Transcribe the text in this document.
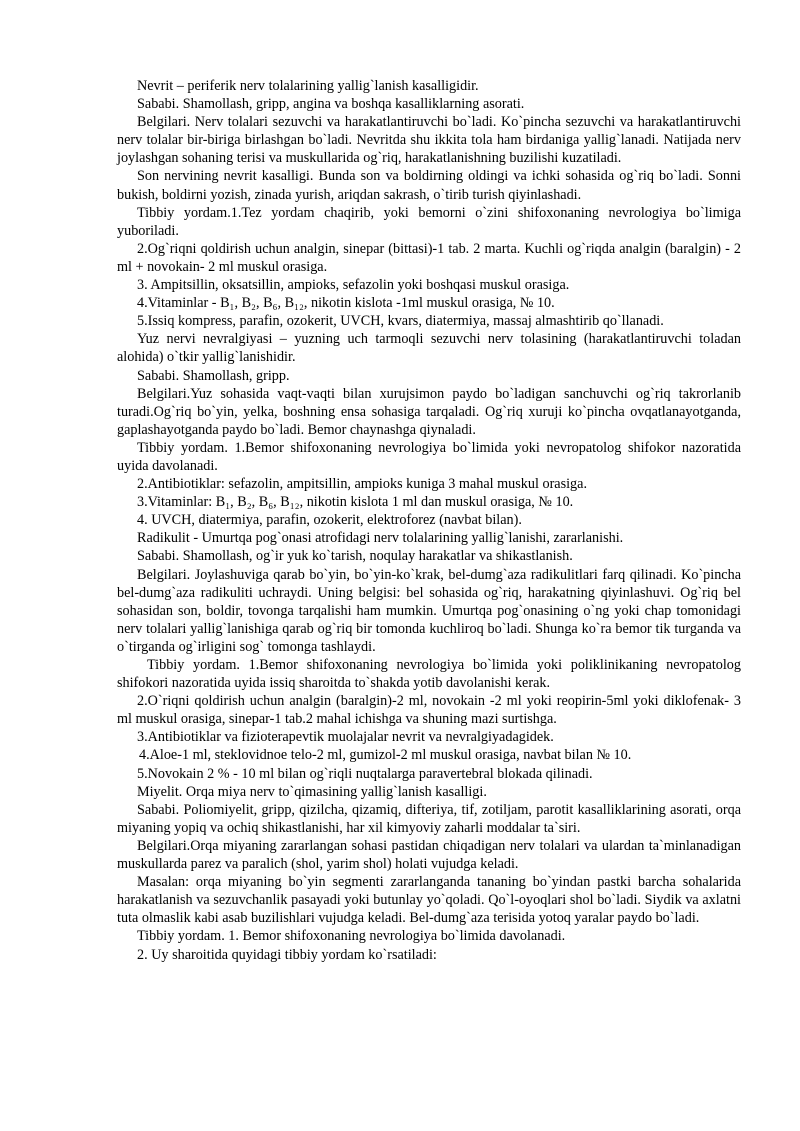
Nevrit – periferik nerv tolalarining yallig`lanish kasalligidir.

Sababi. Shamollash, gripp, angina va boshqa kasalliklarning asorati.

Belgilari. Nerv tolalari sezuvchi va harakatlantiruvchi bo`ladi. Ko`pincha sezuvchi va harakatlantiruvchi nerv tolalar bir-biriga birlashgan bo`ladi. Nevritda shu ikkita tola ham birdaniga yallig`lanadi. Natijada nerv joylashgan sohaning terisi va muskullarida og`riq, harakatlanishning buzilishi kuzatiladi.

Son nervining nevrit kasalligi. Bunda son va boldirning oldingi va ichki sohasida og`riq bo`ladi. Sonni bukish, boldirni yozish, zinada yurish, ariqdan sakrash, o`tirib turish qiyinlashadi.

Tibbiy yordam.1.Tez yordam chaqirib, yoki bemorni o`zini shifoxonaning nevrologiya bo`limiga yuboriladi.

2.Og`riqni qoldirish uchun analgin, sinepar (bittasi)-1 tab. 2 marta. Kuchli og`riqda analgin (baralgin) - 2 ml + novokain- 2 ml muskul orasiga.

3. Ampitsillin, oksatsillin, ampioks, sefazolin yoki boshqasi muskul orasiga.

4.Vitaminlar - B₁, B₂, B₆, B₁₂, nikotin kislota -1ml muskul orasiga, № 10.

5.Issiq kompress, parafin, ozokerit, UVCH, kvars, diatermiya, massaj almashtirib qo`llanadi.

Yuz nervi nevralgiyasi – yuzning uch tarmoqli sezuvchi nerv tolasining (harakatlantiruvchi toladan alohida) o`tkir yallig`lanishidir.

Sababi. Shamollash, gripp.

Belgilari.Yuz sohasida vaqt-vaqti bilan xurujsimon paydo bo`ladigan sanchuvchi og`riq takrorlanib turadi.Og`riq bo`yin, yelka, boshning ensa sohasiga tarqaladi. Og`riq xuruji ko`pincha ovqatlanayotganda, gaplashayotganda paydo bo`ladi. Bemor chaynashga qiynaladi.

Tibbiy yordam. 1.Bemor shifoxonaning nevrologiya bo`limida yoki nevropatolog shifokor nazoratida uyida davolanadi.

2.Antibiotiklar: sefazolin, ampitsillin, ampioks kuniga 3 mahal muskul orasiga.

3.Vitaminlar: B₁, B₂, B₆, B₁₂, nikotin kislota 1 ml dan muskul orasiga, № 10.

4. UVCH, diatermiya, parafin, ozokerit, elektroforez (navbat bilan).

Radikulit - Umurtqa pog`onasi atrofidagi nerv tolalarining yallig`lanishi, zararlanishi.

Sababi. Shamollash, og`ir yuk ko`tarish, noqulay harakatlar va shikastlanish.

Belgilari. Joylashuviga qarab bo`yin, bo`yin-ko`krak, bel-dumg`aza radikulitlari farq qilinadi. Ko`pincha bel-dumg`aza radikuliti uchraydi. Uning belgisi: bel sohasida og`riq, harakatning qiyinlashuvi. Og`riq bel sohasidan son, boldir, tovonga tarqalishi ham mumkin. Umurtqa pog`onasining o`ng yoki chap tomonidagi nerv tolalari yallig`lanishiga qarab og`riq bir tomonda kuchliroq bo`ladi. Shunga ko`ra bemor tik turganda va o`tirganda og`irligini sog` tomonga tashlaydi.

Tibbiy yordam. 1.Bemor shifoxonaning nevrologiya bo`limida yoki poliklinikaning nevropatolog shifokori nazoratida uyida issiq sharoitda to`shakda yotib davolanishi kerak.

2.O`riqni qoldirish uchun analgin (baralgin)-2 ml, novokain -2 ml yoki reopirin-5ml yoki diklofenak- 3 ml muskul orasiga, sinepar-1 tab.2 mahal ichishga va shuning mazi surtishga.

3.Antibiotiklar va fizioterapevtik muolajalar nevrit va nevralgiyadagidek.

4.Aloe-1 ml, steklovidnoe telo-2 ml, gumizol-2 ml muskul orasiga, navbat bilan № 10.

5.Novokain 2 % - 10 ml bilan og`riqli nuqtalarga paravertebral blokada qilinadi.

Miyelit. Orqa miya nerv to`qimasining yallig`lanish kasalligi.

Sababi. Poliomiyelit, gripp, qizilcha, qizamiq, difteriya, tif, zotiljam, parotit kasalliklarining asorati, orqa miyaning yopiq va ochiq shikastlanishi, har xil kimyoviy zaharli moddalar ta`siri.

Belgilari.Orqa miyaning zararlangan sohasi pastidan chiqadigan nerv tolalari va ulardan ta`minlanadigan muskullarda parez va paralich (shol, yarim shol) holati vujudga keladi.

Masalan: orqa miyaning bo`yin segmenti zararlanganda tananing bo`yindan pastki barcha sohalarida harakatlanish va sezuvchanlik pasayadi yoki butunlay yo`qoladi. Qo`l-oyoqlari shol bo`ladi. Siydik va axlatni tuta olmaslik kabi asab buzilishlari vujudga keladi. Bel-dumg`aza terisida yotoq yaralar paydo bo`ladi.

Tibbiy yordam. 1. Bemor shifoxonaning nevrologiya bo`limida davolanadi.

2. Uy sharoitida quyidagi tibbiy yordam ko`rsatiladi:
